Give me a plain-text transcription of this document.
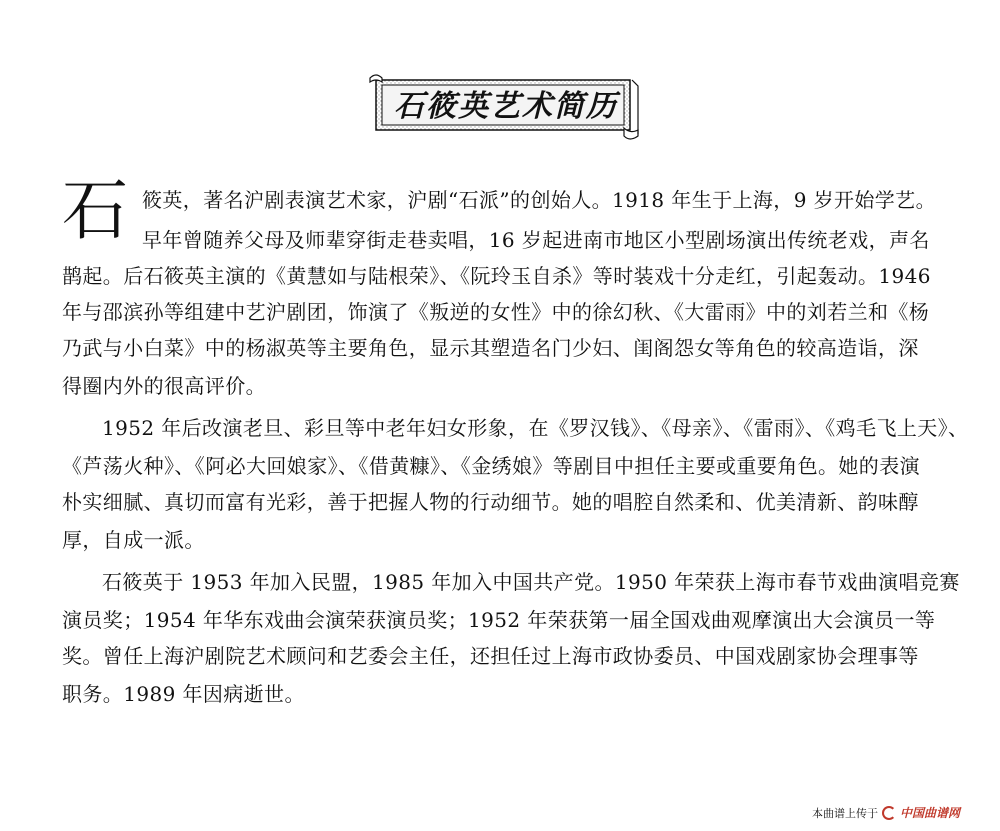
石筱英艺术简历
石 筱英，著名沪剧表演艺术家，沪剧“石派”的创始人。1918 年生于上海，9 岁开始学艺。
早年曾随养父母及师辈穿街走巷卖唱，16 岁起进南市地区小型剧场演出传统老戏，声名
鹊起。后石筱英主演的《黄慧如与陆根荣》、《阮玲玉自杀》等时装戏十分走红，引起轰动。1946
年与邵滨孙等组建中艺沪剧团，饰演了《叛逆的女性》中的徐幻秋、《大雷雨》中的刘若兰和《杨
乃武与小白菜》中的杨淑英等主要角色，显示其塑造名门少妇、闺阁怨女等角色的较高造诣，深
得圈内外的很高评价。
1952 年后改演老旦、彩旦等中老年妇女形象，在《罗汉钱》、《母亲》、《雷雨》、《鸡毛飞上天》、
《芦荡火种》、《阿必大回娘家》、《借黄糠》、《金绣娘》等剧目中担任主要或重要角色。她的表演
朴实细腻、真切而富有光彩，善于把握人物的行动细节。她的唱腔自然柔和、优美清新、韵味醇
厚，自成一派。
石筱英于 1953 年加入民盟，1985 年加入中国共产党。1950 年荣获上海市春节戏曲演唱竞赛
演员奖；1954 年华东戏曲会演荣获演员奖；1952 年荣获第一届全国戏曲观摩演出大会演员一等
奖。曾任上海沪剧院艺术顾问和艺委会主任，还担任过上海市政协委员、中国戏剧家协会理事等
职务。1989 年因病逝世。
本曲谱上传于 中国曲谱网
